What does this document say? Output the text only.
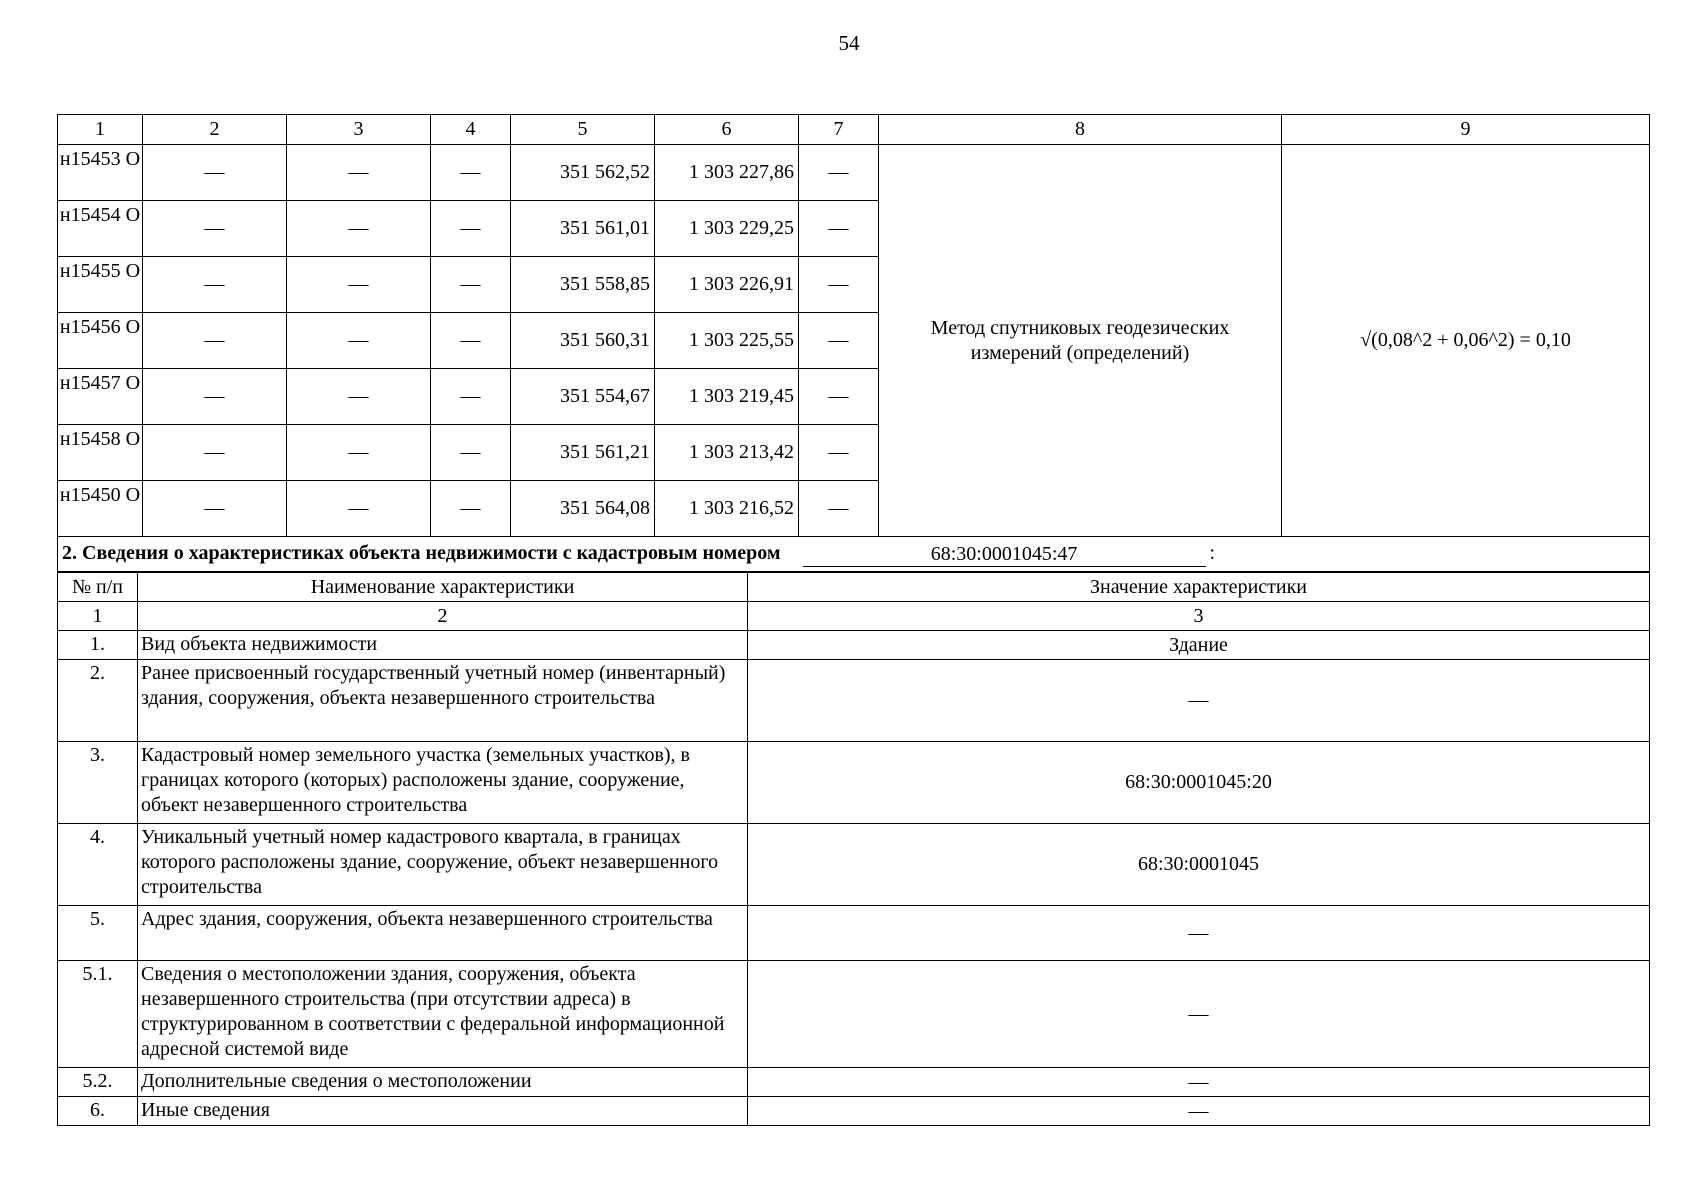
54
1	2	3	4	5	6	7	8	9
н15453 О	—	—	—	351 562,52	1 303 227,86	—	Метод спутниковых геодезических измерений (определений)	√(0,08^2 + 0,06^2) = 0,10
н15454 О	—	—	—	351 561,01	1 303 229,25	—		
н15455 О	—	—	—	351 558,85	1 303 226,91	—		
н15456 О	—	—	—	351 560,31	1 303 225,55	—		
н15457 О	—	—	—	351 554,67	1 303 219,45	—		
н15458 О	—	—	—	351 561,21	1 303 213,42	—		
н15450 О	—	—	—	351 564,08	1 303 216,52	—		
2. Сведения о характеристиках объекта недвижимости с кадастровым номером 68:30:0001045:47 :								
№ п/п	Наименование характеристики	Значение характеристики
1	2	3
1.	Вид объекта недвижимости	Здание
2.	Ранее присвоенный государственный учетный номер (инвентарный) здания, сооружения, объекта незавершенного строительства	—
3.	Кадастровый номер земельного участка (земельных участков), в границах которого (которых) расположены здание, сооружение, объект незавершенного строительства	68:30:0001045:20
4.	Уникальный учетный номер кадастрового квартала, в границах которого расположены здание, сооружение, объект незавершенного строительства	68:30:0001045
5.	Адрес здания, сооружения, объекта незавершенного строительства	—
5.1.	Сведения о местоположении здания, сооружения, объекта незавершенного строительства (при отсутствии адреса) в структурированном в соответствии с федеральной информационной адресной системой виде	—
5.2.	Дополнительные сведения о местоположении	—
6.	Иные сведения	—
